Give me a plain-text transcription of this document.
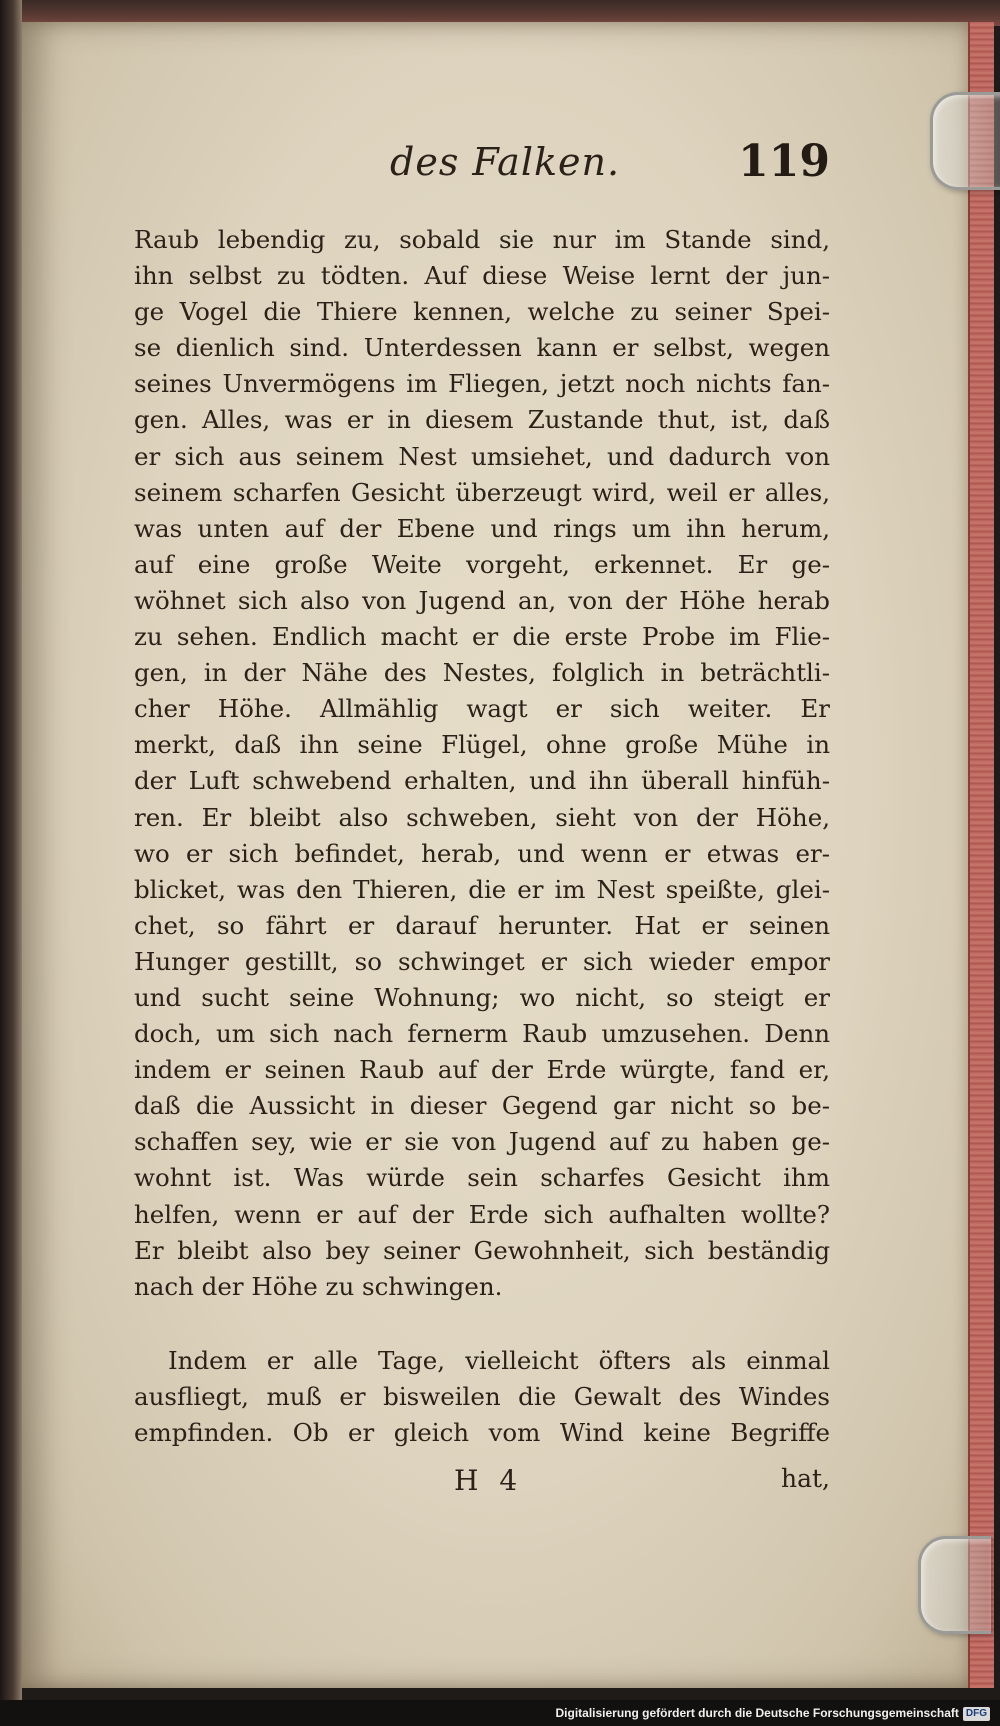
des Falken.	119
Raub lebendig zu, sobald sie nur im Stande sind,
ihn selbst zu tödten. Auf diese Weise lernt der jun-
ge Vogel die Thiere kennen, welche zu seiner Spei-
se dienlich sind. Unterdessen kann er selbst, wegen
seines Unvermögens im Fliegen, jetzt noch nichts fan-
gen. Alles, was er in diesem Zustande thut, ist, daß
er sich aus seinem Nest umsiehet, und dadurch von
seinem scharfen Gesicht überzeugt wird, weil er alles,
was unten auf der Ebene und rings um ihn herum,
auf eine große Weite vorgeht, erkennet. Er ge-
wöhnet sich also von Jugend an, von der Höhe herab
zu sehen. Endlich macht er die erste Probe im Flie-
gen, in der Nähe des Nestes, folglich in beträchtli-
cher Höhe. Allmählig wagt er sich weiter. Er
merkt, daß ihn seine Flügel, ohne große Mühe in
der Luft schwebend erhalten, und ihn überall hinfüh-
ren. Er bleibt also schweben, sieht von der Höhe,
wo er sich befindet, herab, und wenn er etwas er-
blicket, was den Thieren, die er im Nest speißte, glei-
chet, so fährt er darauf herunter. Hat er seinen
Hunger gestillt, so schwinget er sich wieder empor
und sucht seine Wohnung; wo nicht, so steigt er
doch, um sich nach fernerm Raub umzusehen. Denn
indem er seinen Raub auf der Erde würgte, fand er,
daß die Aussicht in dieser Gegend gar nicht so be-
schaffen sey, wie er sie von Jugend auf zu haben ge-
wohnt ist. Was würde sein scharfes Gesicht ihm
helfen, wenn er auf der Erde sich aufhalten wollte?
Er bleibt also bey seiner Gewohnheit, sich beständig
nach der Höhe zu schwingen.
Indem er alle Tage, vielleicht öfters als einmal
ausfliegt, muß er bisweilen die Gewalt des Windes
empfinden. Ob er gleich vom Wind keine Begriffe
H 4	hat,
Digitalisierung gefördert durch die Deutsche Forschungsgemeinschaft DFG
